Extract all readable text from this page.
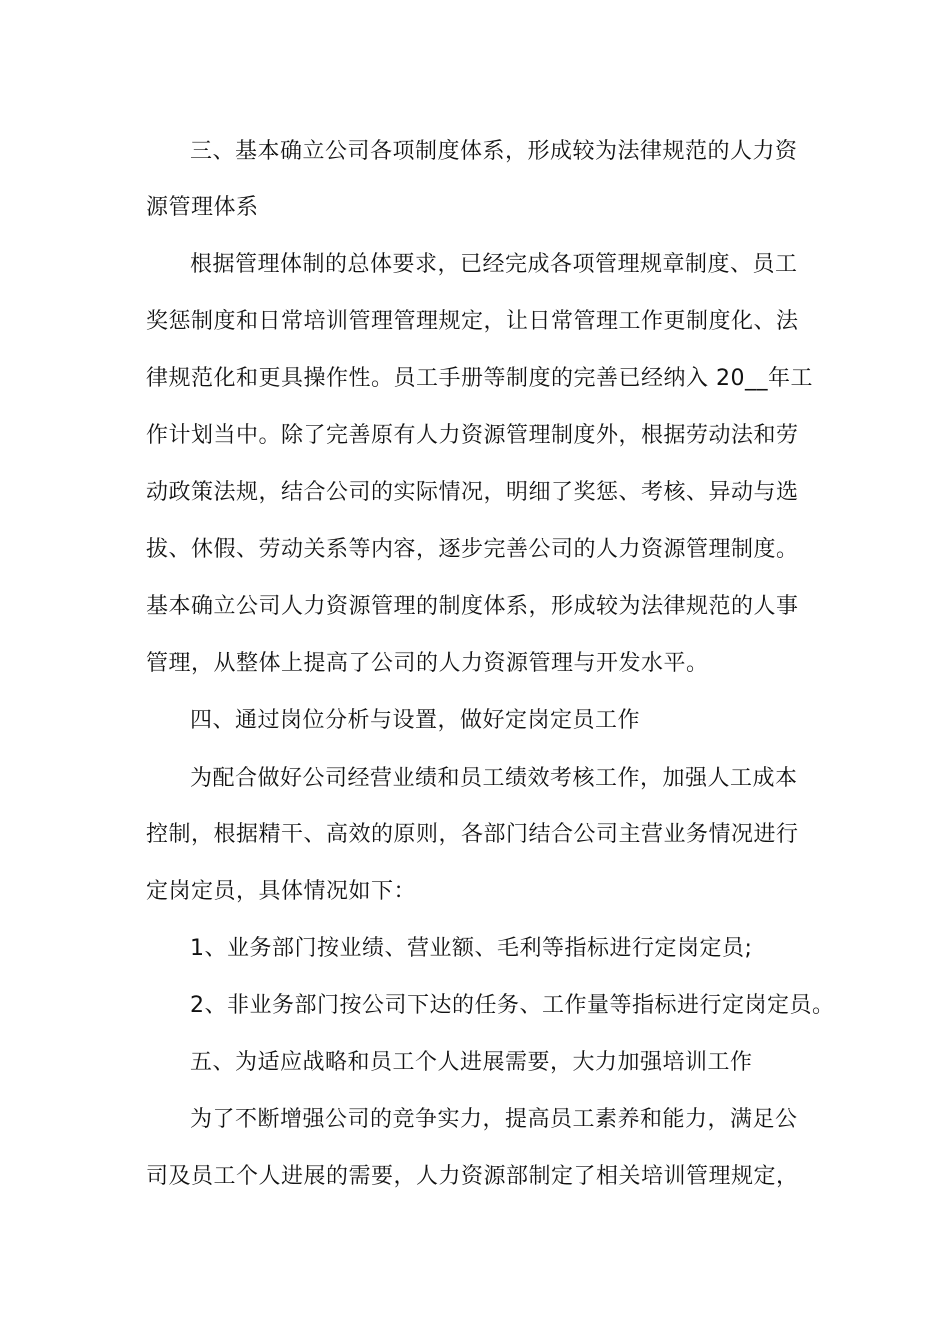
三、基本确立公司各项制度体系，形成较为法律规范的人力资
源管理体系
根据管理体制的总体要求，已经完成各项管理规章制度、员工
奖惩制度和日常培训管理管理规定，让日常管理工作更制度化、法
律规范化和更具操作性。员工手册等制度的完善已经纳入 20__年工
作计划当中。除了完善原有人力资源管理制度外，根据劳动法和劳
动政策法规，结合公司的实际情况，明细了奖惩、考核、异动与选
拔、休假、劳动关系等内容，逐步完善公司的人力资源管理制度。
基本确立公司人力资源管理的制度体系，形成较为法律规范的人事
管理，从整体上提高了公司的人力资源管理与开发水平。
四、通过岗位分析与设置，做好定岗定员工作
为配合做好公司经营业绩和员工绩效考核工作，加强人工成本
控制，根据精干、高效的原则，各部门结合公司主营业务情况进行
定岗定员，具体情况如下：
1、业务部门按业绩、营业额、毛利等指标进行定岗定员;
2、非业务部门按公司下达的任务、工作量等指标进行定岗定员。
五、为适应战略和员工个人进展需要，大力加强培训工作
为了不断增强公司的竞争实力，提高员工素养和能力，满足公
司及员工个人进展的需要，人力资源部制定了相关培训管理规定，
